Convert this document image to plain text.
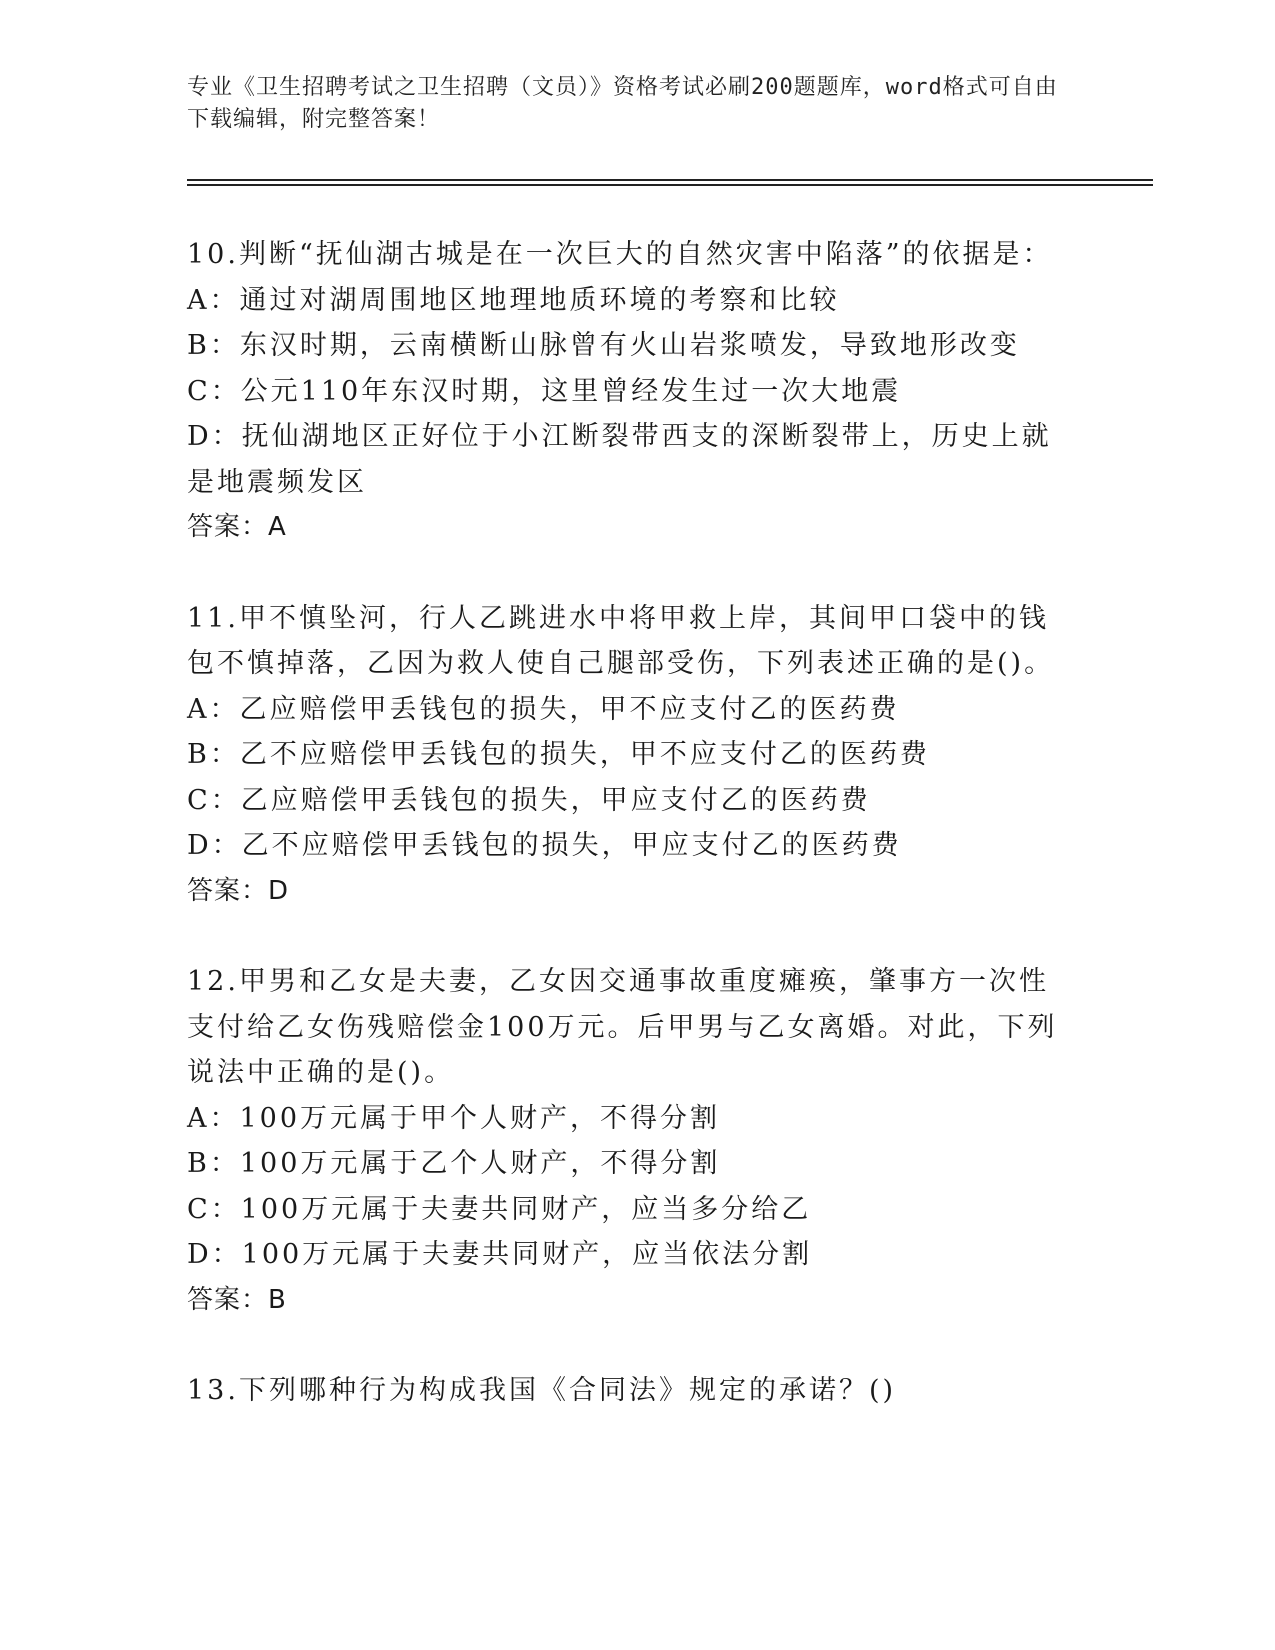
专业《卫生招聘考试之卫生招聘（文员）》资格考试必刷200题题库，word格式可自由下载编辑，附完整答案！

10.判断“抚仙湖古城是在一次巨大的自然灾害中陷落”的依据是：

A：通过对湖周围地区地理地质环境的考察和比较

B：东汉时期，云南横断山脉曾有火山岩浆喷发，导致地形改变

C：公元110年东汉时期，这里曾经发生过一次大地震

D：抚仙湖地区正好位于小江断裂带西支的深断裂带上，历史上就是地震频发区

答案：A

11.甲不慎坠河，行人乙跳进水中将甲救上岸，其间甲口袋中的钱包不慎掉落，乙因为救人使自己腿部受伤，下列表述正确的是()。

A：乙应赔偿甲丢钱包的损失，甲不应支付乙的医药费

B：乙不应赔偿甲丢钱包的损失，甲不应支付乙的医药费

C：乙应赔偿甲丢钱包的损失，甲应支付乙的医药费

D：乙不应赔偿甲丢钱包的损失，甲应支付乙的医药费

答案：D

12.甲男和乙女是夫妻，乙女因交通事故重度瘫痪，肇事方一次性支付给乙女伤残赔偿金100万元。后甲男与乙女离婚。对此，下列说法中正确的是()。

A：100万元属于甲个人财产，不得分割

B：100万元属于乙个人财产，不得分割

C：100万元属于夫妻共同财产，应当多分给乙

D：100万元属于夫妻共同财产，应当依法分割

答案：B

13.下列哪种行为构成我国《合同法》规定的承诺？()
